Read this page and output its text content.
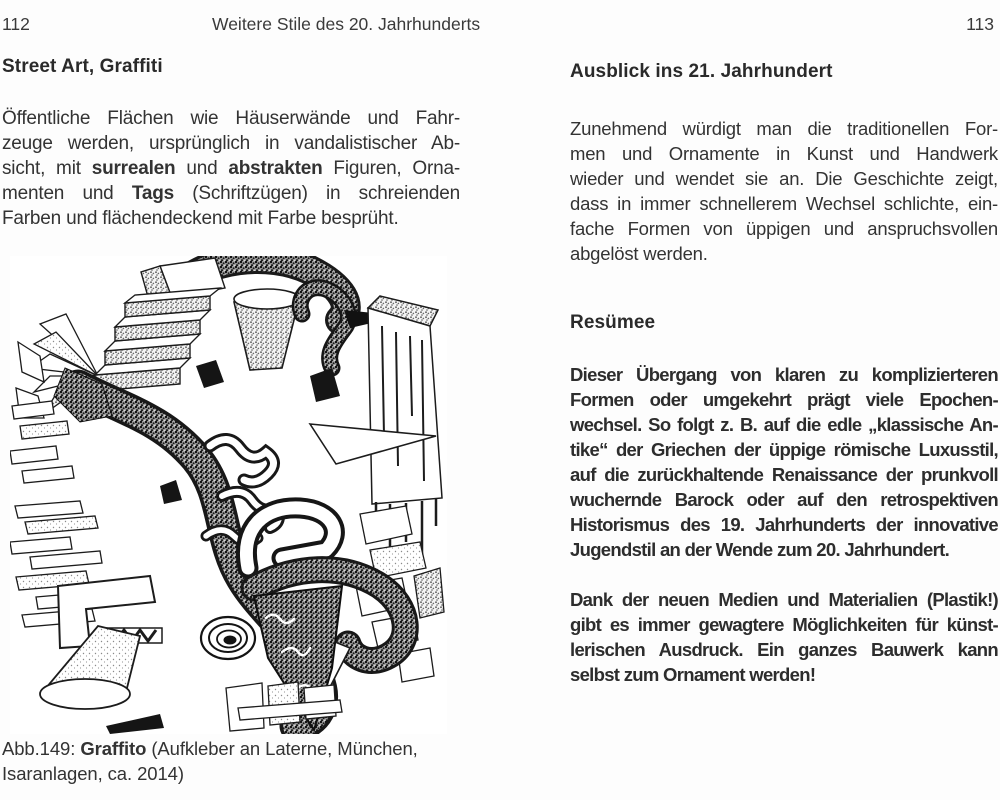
112	Weitere Stile des 20. Jahrhunderts	113
Street Art, Graffiti
Öffentliche Flächen wie Häuserwände und Fahr-
zeuge werden, ursprünglich in vandalistischer Ab-
sicht, mit surrealen und abstrakten Figuren, Orna-
menten und Tags (Schriftzügen) in schreienden
Farben und flächendeckend mit Farbe besprüht.
Abb.149: Graffito (Aufkleber an Laterne, München,
Isaranlagen, ca. 2014)
Ausblick ins 21. Jahrhundert
Zunehmend würdigt man die traditionellen For-
men und Ornamente in Kunst und Handwerk
wieder und wendet sie an. Die Geschichte zeigt,
dass in immer schnellerem Wechsel schlichte, ein-
fache Formen von üppigen und anspruchsvollen
abgelöst werden.
Resümee
Dieser Übergang von klaren zu komplizierteren
Formen oder umgekehrt prägt viele Epochen-
wechsel. So folgt z. B. auf die edle „klassische An-
tike“ der Griechen der üppige römische Luxusstil,
auf die zurückhaltende Renaissance der prunkvoll
wuchernde Barock oder auf den retrospektiven
Historismus des 19. Jahrhunderts der innovative
Jugendstil an der Wende zum 20. Jahrhundert.
Dank der neuen Medien und Materialien (Plastik!)
gibt es immer gewagtere Möglichkeiten für künst-
lerischen Ausdruck. Ein ganzes Bauwerk kann
selbst zum Ornament werden!
